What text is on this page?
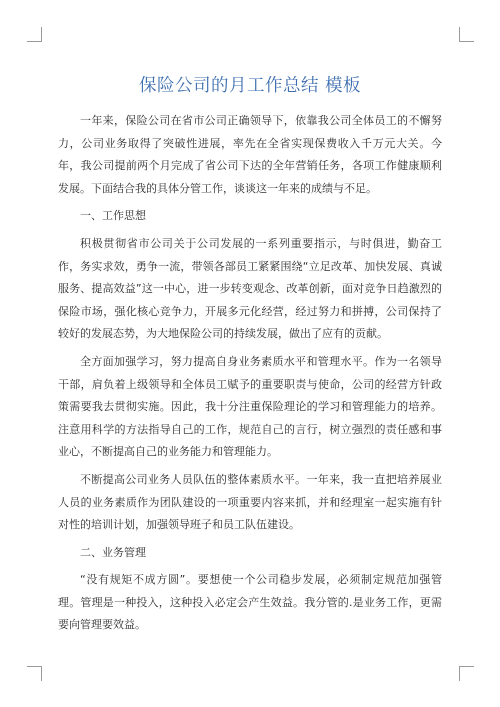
保险公司的月工作总结 模板

一年来，保险公司在省市公司正确领导下，依靠我公司全体员工的不懈努力，公司业务取得了突破性进展，率先在全省实现保费收入千万元大关。今年，我公司提前两个月完成了省公司下达的全年营销任务，各项工作健康顺利发展。下面结合我的具体分管工作，谈谈这一年来的成绩与不足。

一、工作思想

积极贯彻省市公司关于公司发展的一系列重要指示，与时俱进，勤奋工作，务实求效，勇争一流，带领各部员工紧紧围绕“立足改革、加快发展、真诚服务、提高效益”这一中心，进一步转变观念、改革创新，面对竞争日趋激烈的保险市场，强化核心竞争力，开展多元化经营，经过努力和拼搏，公司保持了较好的发展态势，为大地保险公司的持续发展，做出了应有的贡献。

全方面加强学习，努力提高自身业务素质水平和管理水平。作为一名领导干部，肩负着上级领导和全体员工赋予的重要职责与使命，公司的经营方针政策需要我去贯彻实施。因此，我十分注重保险理论的学习和管理能力的培养。注意用科学的方法指导自己的工作，规范自己的言行，树立强烈的责任感和事业心，不断提高自己的业务能力和管理能力。

不断提高公司业务人员队伍的整体素质水平。一年来，我一直把培养展业人员的业务素质作为团队建设的一项重要内容来抓，并和经理室一起实施有针对性的培训计划，加强领导班子和员工队伍建设。

二、业务管理

“没有规矩不成方圆”。要想使一个公司稳步发展，必须制定规范加强管理。管理是一种投入，这种投入必定会产生效益。我分管的.是业务工作，更需要向管理要效益。
